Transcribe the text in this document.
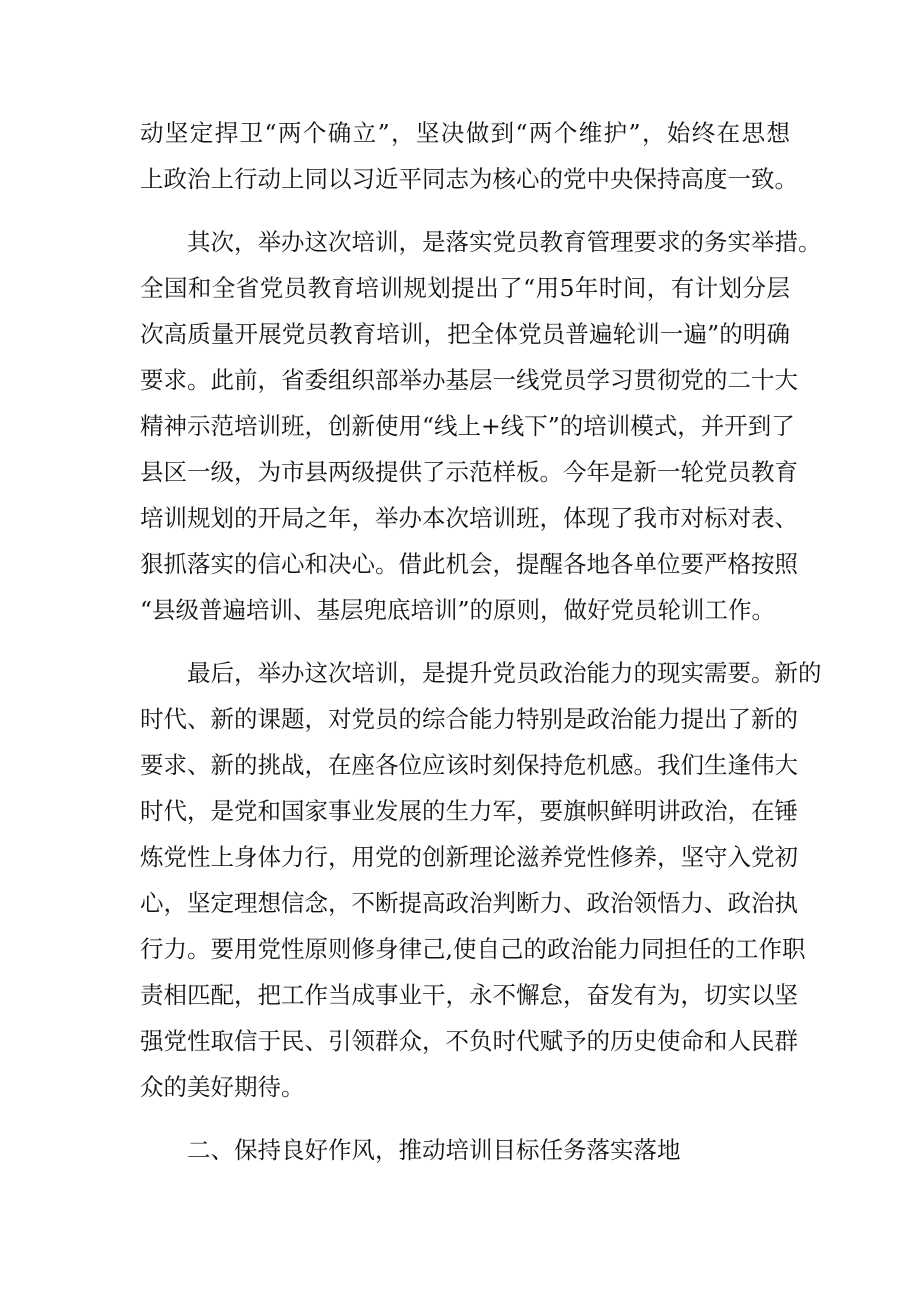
动坚定捍卫“两个确立”，坚决做到“两个维护”，始终在思想
上政治上行动上同以习近平同志为核心的党中央保持高度一致。
其次，举办这次培训，是落实党员教育管理要求的务实举措。
全国和全省党员教育培训规划提出了“用5年时间，有计划分层
次高质量开展党员教育培训，把全体党员普遍轮训一遍”的明确
要求。此前，省委组织部举办基层一线党员学习贯彻党的二十大
精神示范培训班，创新使用“线上+线下”的培训模式，并开到了
县区一级，为市县两级提供了示范样板。今年是新一轮党员教育
培训规划的开局之年，举办本次培训班，体现了我市对标对表、
狠抓落实的信心和决心。借此机会，提醒各地各单位要严格按照
“县级普遍培训、基层兜底培训”的原则，做好党员轮训工作。
最后，举办这次培训，是提升党员政治能力的现实需要。新的
时代、新的课题，对党员的综合能力特别是政治能力提出了新的
要求、新的挑战，在座各位应该时刻保持危机感。我们生逢伟大
时代，是党和国家事业发展的生力军，要旗帜鲜明讲政治，在锤
炼党性上身体力行，用党的创新理论滋养党性修养，坚守入党初
心，坚定理想信念，不断提高政治判断力、政治领悟力、政治执
行力。要用党性原则修身律己,使自己的政治能力同担任的工作职
责相匹配，把工作当成事业干，永不懈怠，奋发有为，切实以坚
强党性取信于民、引领群众，不负时代赋予的历史使命和人民群
众的美好期待。
二、保持良好作风，推动培训目标任务落实落地
